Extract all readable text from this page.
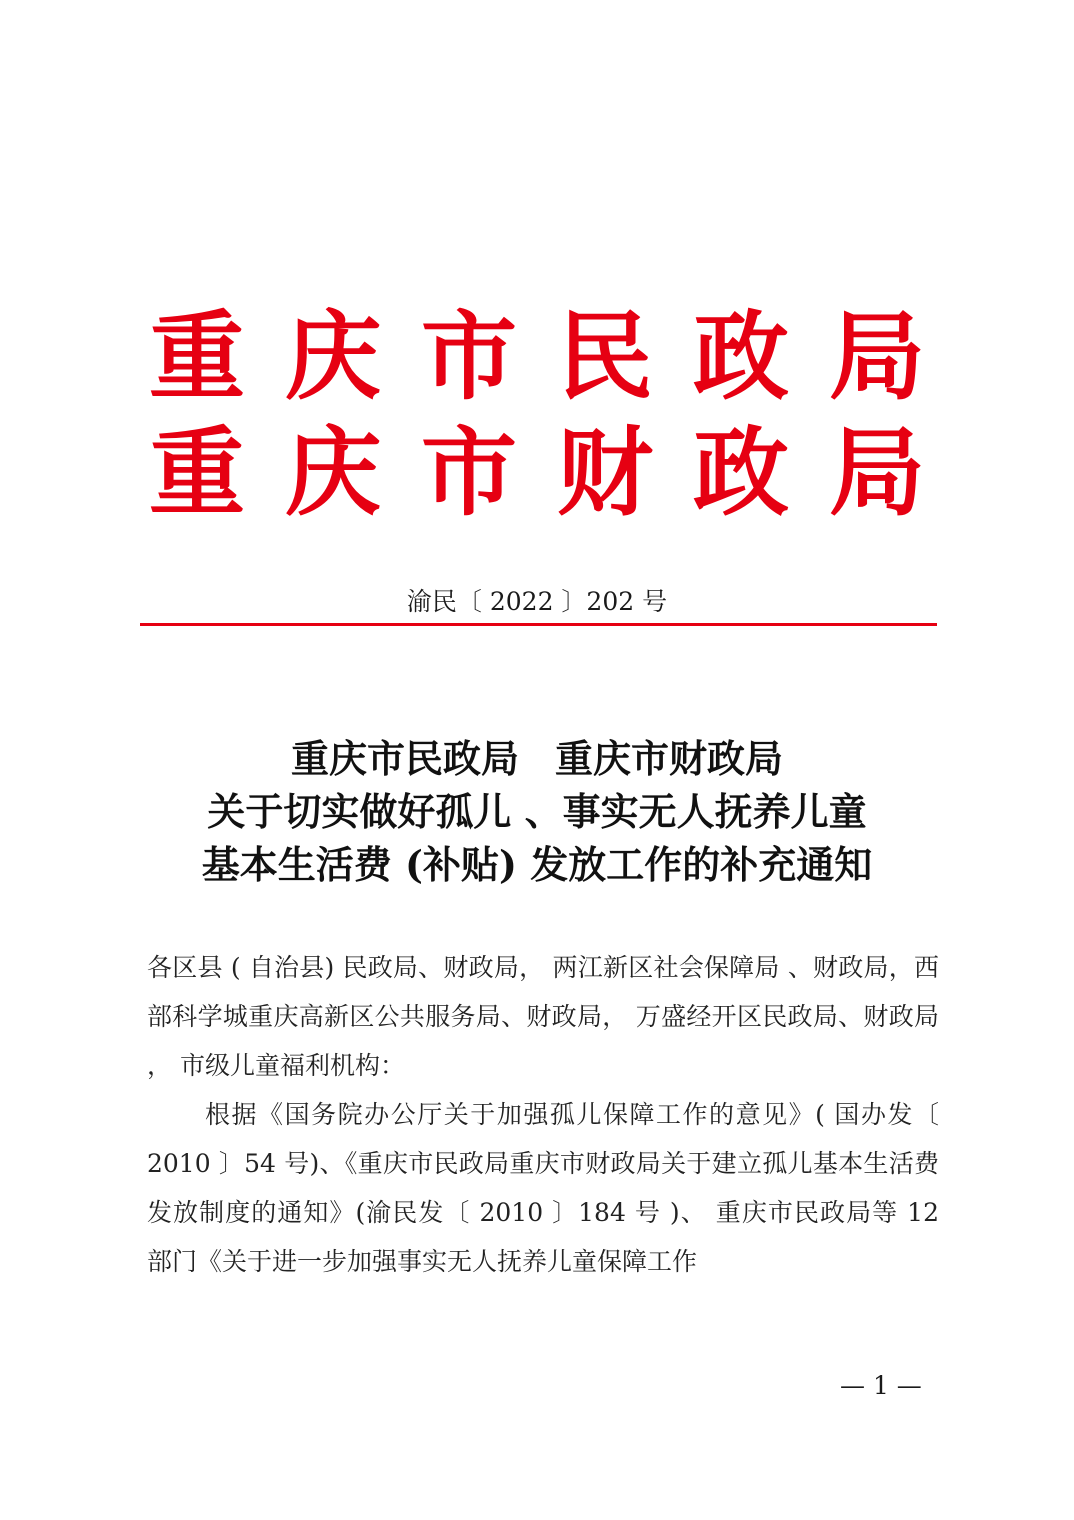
重庆市民政局
重庆市财政局
渝民〔 2022 〕202 号
重庆市民政局 重庆市财政局
关于切实做好孤儿 、事实无人抚养儿童
基本生活费 (补贴) 发放工作的补充通知
各区县 ( 自治县) 民政局、财政局， 两江新区社会保障局 、财政局，西部科学城重庆高新区公共服务局、财政局， 万盛经开区民政局、财政局 ， 市级儿童福利机构：
根据《国务院办公厅关于加强孤儿保障工作的意见》( 国办发〔 2010 〕54 号)、《重庆市民政局重庆市财政局关于建立孤儿基本生活费发放制度的通知》(渝民发〔 2010 〕184 号 )、 重庆市民政局等 12 部门《关于进一步加强事实无人抚养儿童保障工作
— 1 —
